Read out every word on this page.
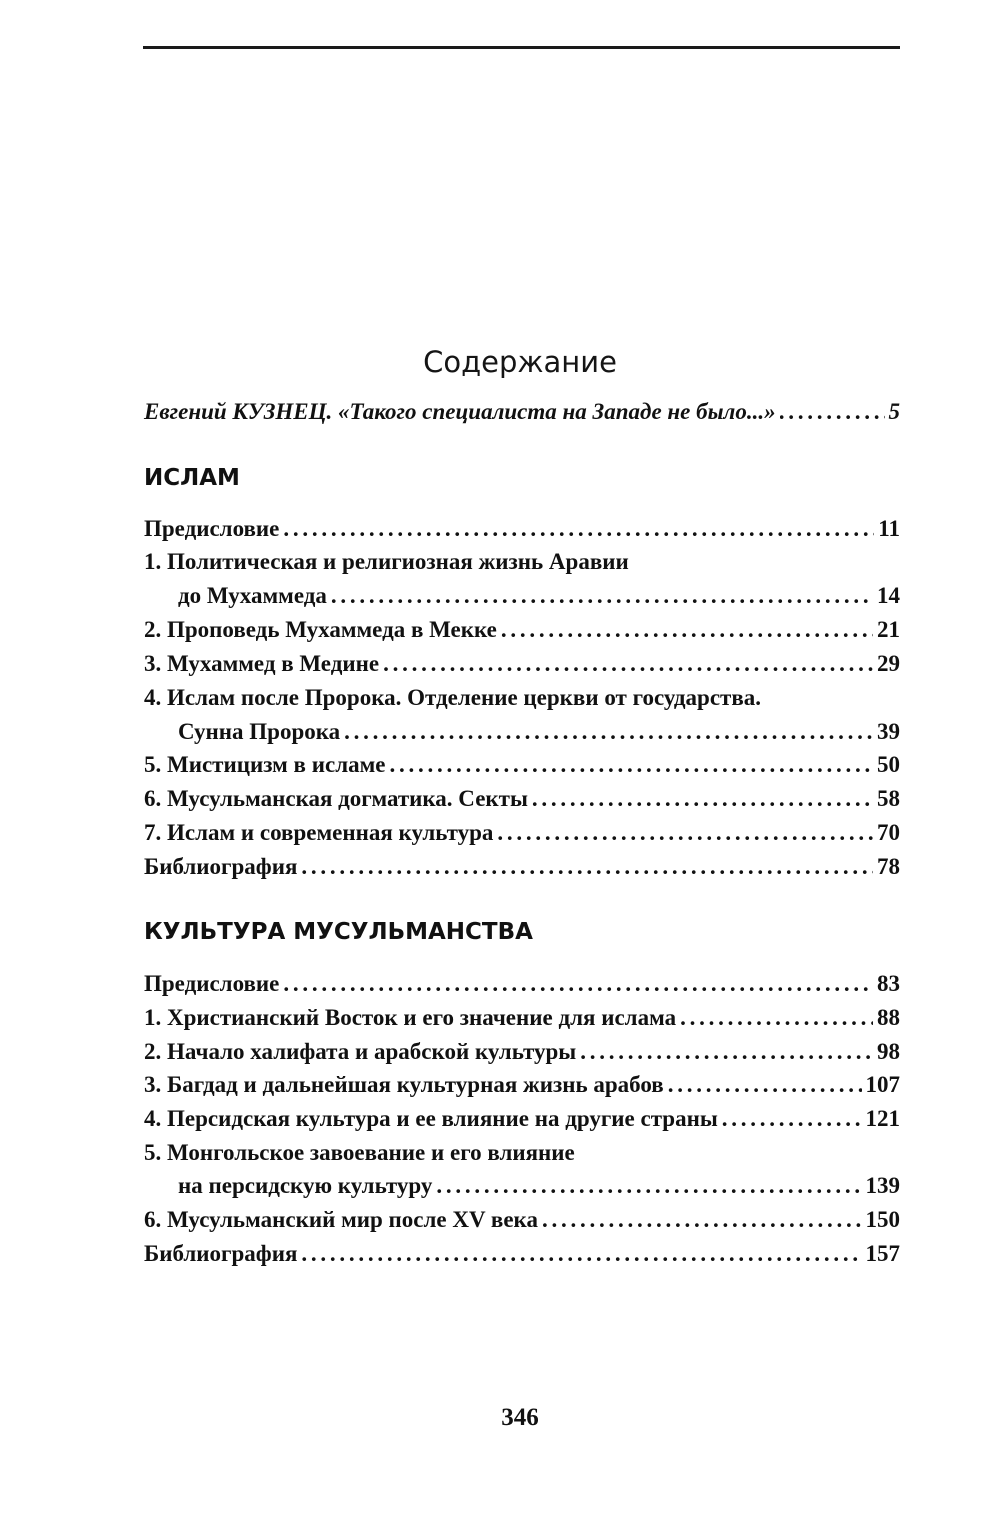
Содержание
Евгений КУЗНЕЦ. «Такого специалиста на Западе не было...» . . .	5
ИСЛАМ
Предисловие . . .	11
1. Политическая и религиозная жизнь Аравии
до Мухаммеда . . .	14
2. Проповедь Мухаммеда в Мекке . . .	21
3. Мухаммед в Медине . . .	29
4. Ислам после Пророка. Отделение церкви от государства.
Сунна Пророка . . .	39
5. Мистицизм в исламе . . .	50
6. Мусульманская догматика. Секты . . .	58
7. Ислам и современная культура . . .	70
Библиография . . .	78
КУЛЬТУРА МУСУЛЬМАНСТВА
Предисловие . . .	83
1. Христианский Восток и его значение для ислама . . .	88
2. Начало халифата и арабской культуры . . .	98
3. Багдад и дальнейшая культурная жизнь арабов . . .	107
4. Персидская культура и ее влияние на другие страны . . .	121
5. Монгольское завоевание и его влияние
на персидскую культуру . . .	139
6. Мусульманский мир после XV века . . .	150
Библиография . . .	157
346
